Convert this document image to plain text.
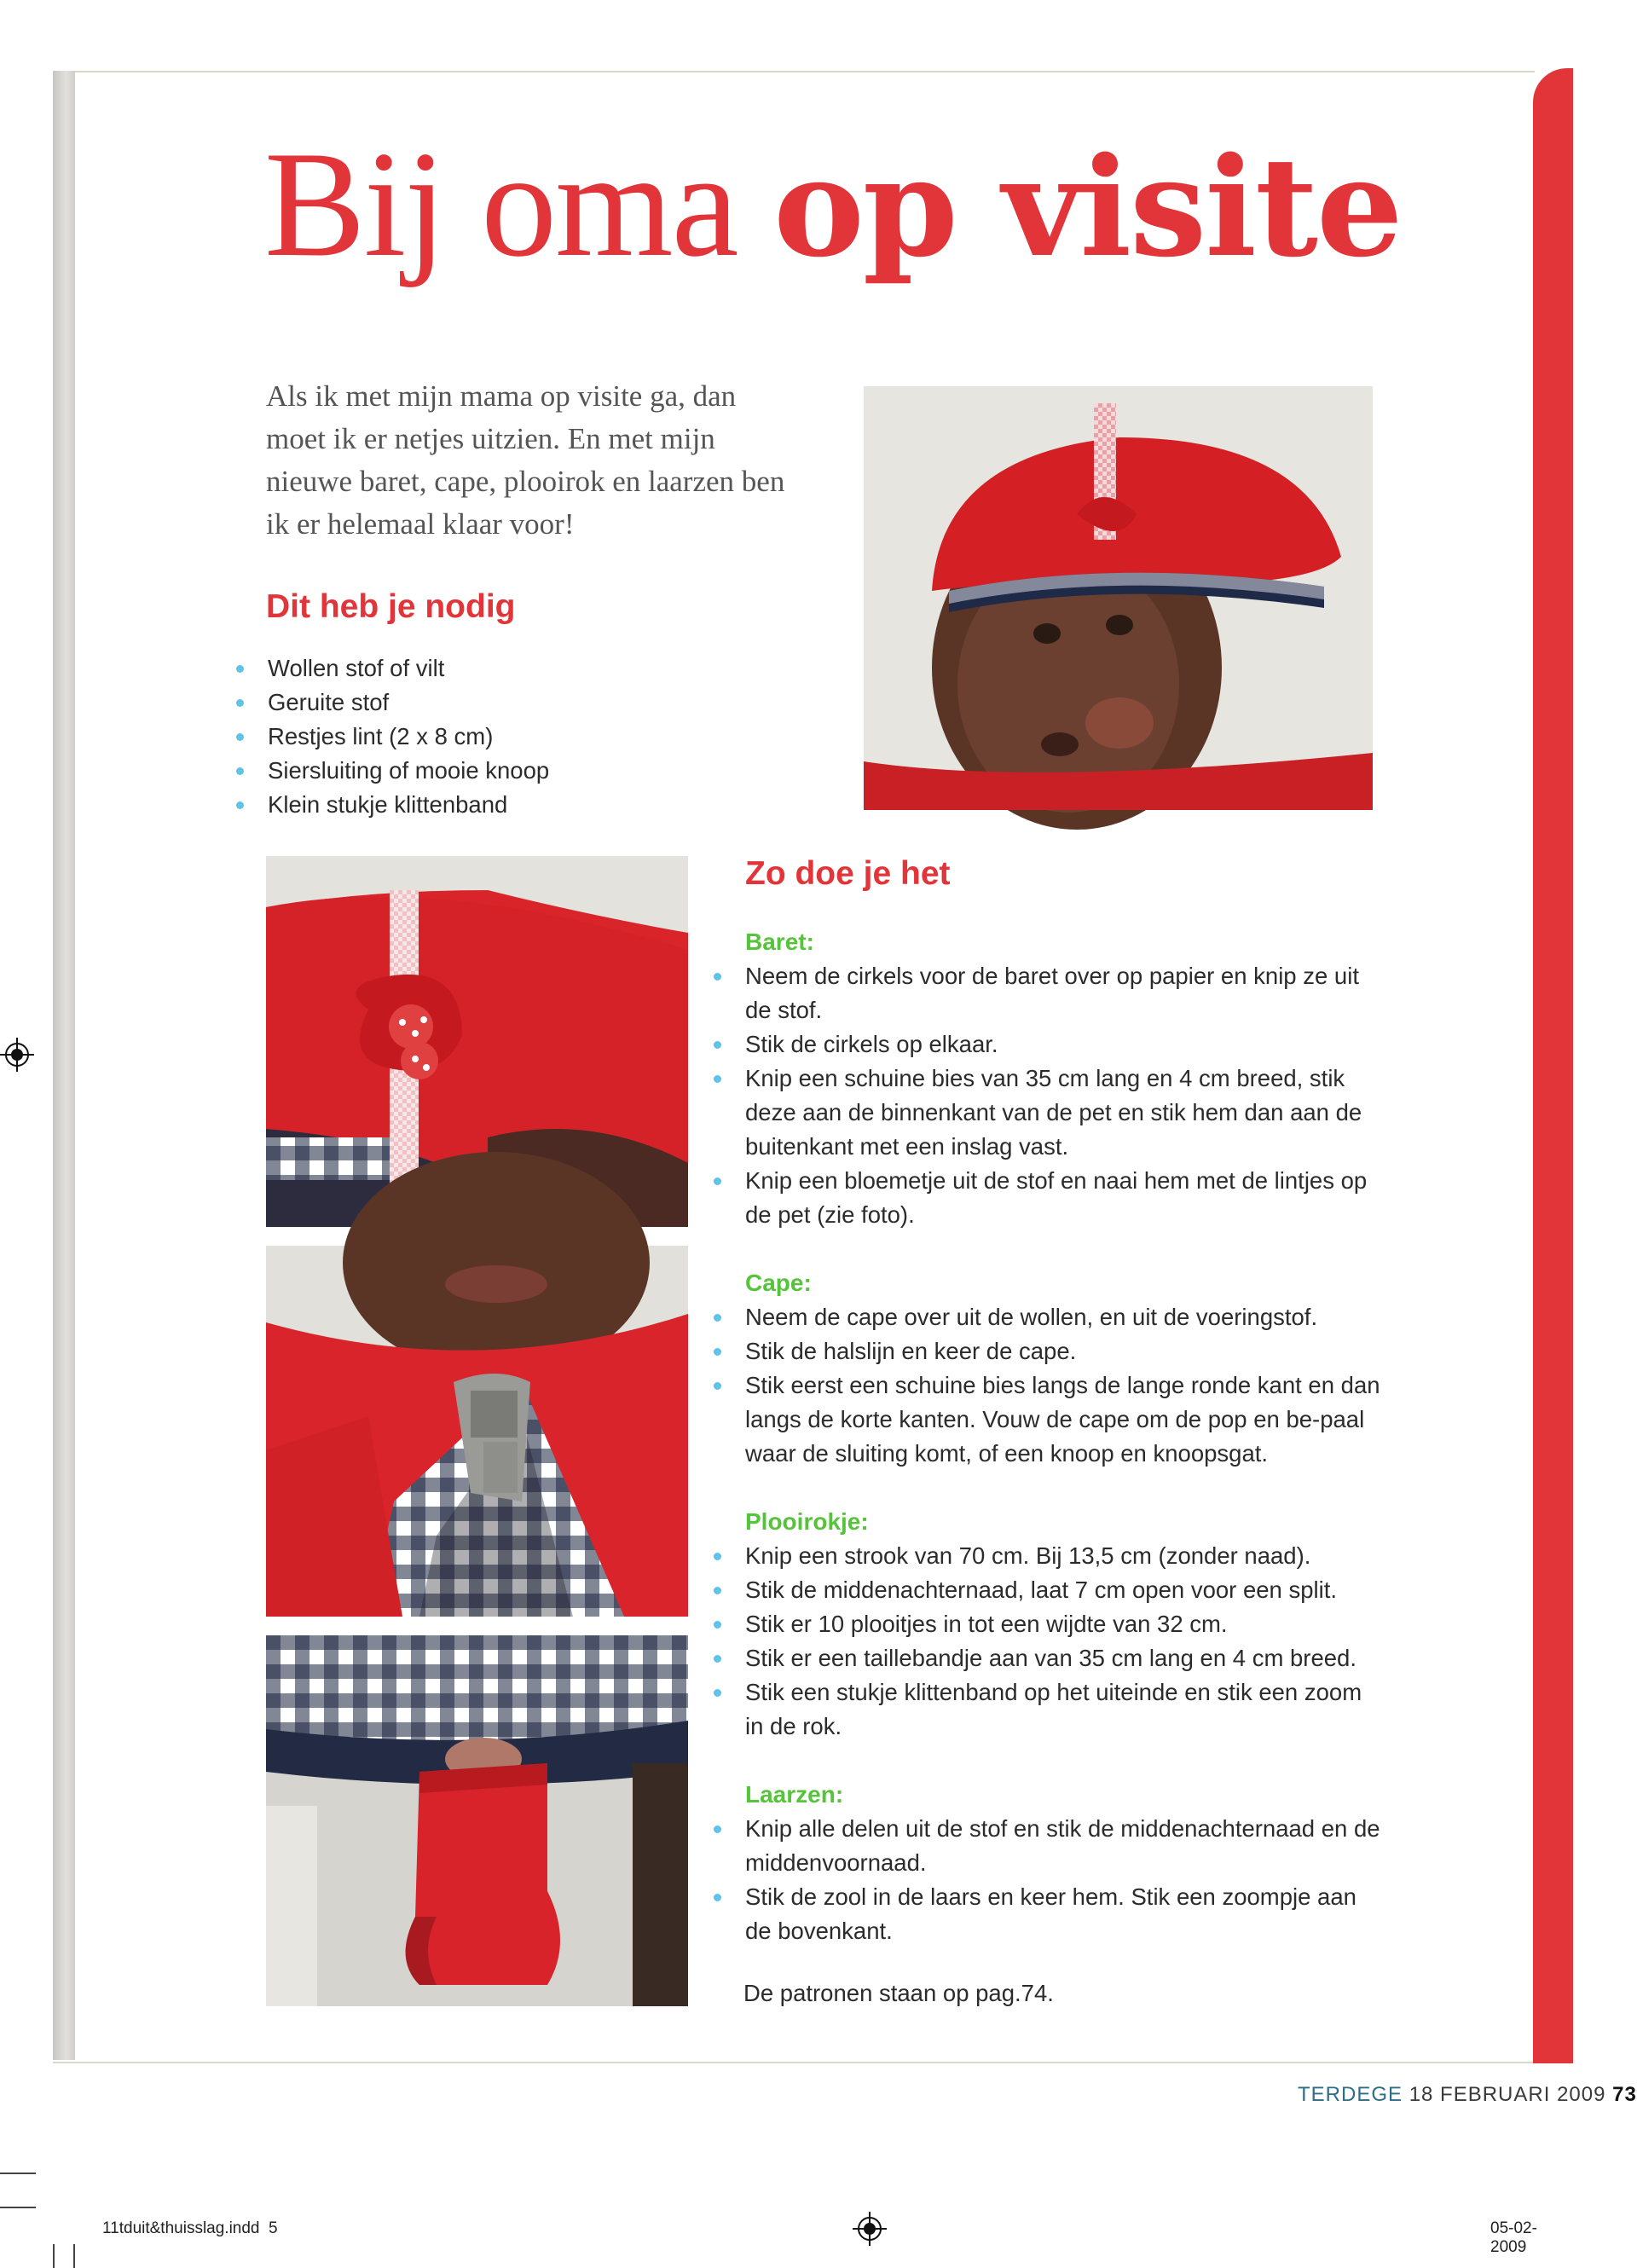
Bij oma op visite
Als ik met mijn mama op visite ga, dan moet ik er netjes uitzien. En met mijn nieuwe baret, cape, plooirok en laarzen ben ik er helemaal klaar voor!
Dit heb je nodig
Wollen stof of vilt
Geruite stof
Restjes lint (2 x 8 cm)
Siersluiting of mooie knoop
Klein stukje klittenband
Zo doe je het
Baret:
Neem de cirkels voor de baret over op papier en knip ze uit de stof.
Stik de cirkels op elkaar.
Knip een schuine bies van 35 cm lang en 4 cm breed, stik deze aan de binnenkant van de pet en stik hem dan aan de buitenkant met een inslag vast.
Knip een bloemetje uit de stof en naai hem met de lintjes op de pet (zie foto).
Cape:
Neem de cape over uit de wollen, en uit de voeringstof.
Stik de halslijn en keer de cape.
Stik eerst een schuine bies langs de lange ronde kant en dan langs de korte kanten. Vouw de cape om de pop en be-paal waar de sluiting komt, of een knoop en knoopsgat.
Plooirokje:
Knip een strook van 70 cm. Bij 13,5 cm (zonder naad).
Stik de middenachternaad, laat 7 cm open voor een split.
Stik er 10 plooitjes in tot een wijdte van 32 cm.
Stik er een taillebandje aan van 35 cm lang en 4 cm breed.
Stik een stukje klittenband op het uiteinde en stik een zoom in de rok.
Laarzen:
Knip alle delen uit de stof en stik de middenachternaad en de middenvoornaad.
Stik de zool in de laars en keer hem. Stik een zoompje aan de bovenkant.
De patronen staan op pag.74.
TERDEGE 18 FEBRUARI 2009 73
11tduit&thuisslag.indd  5	05-02-2009
